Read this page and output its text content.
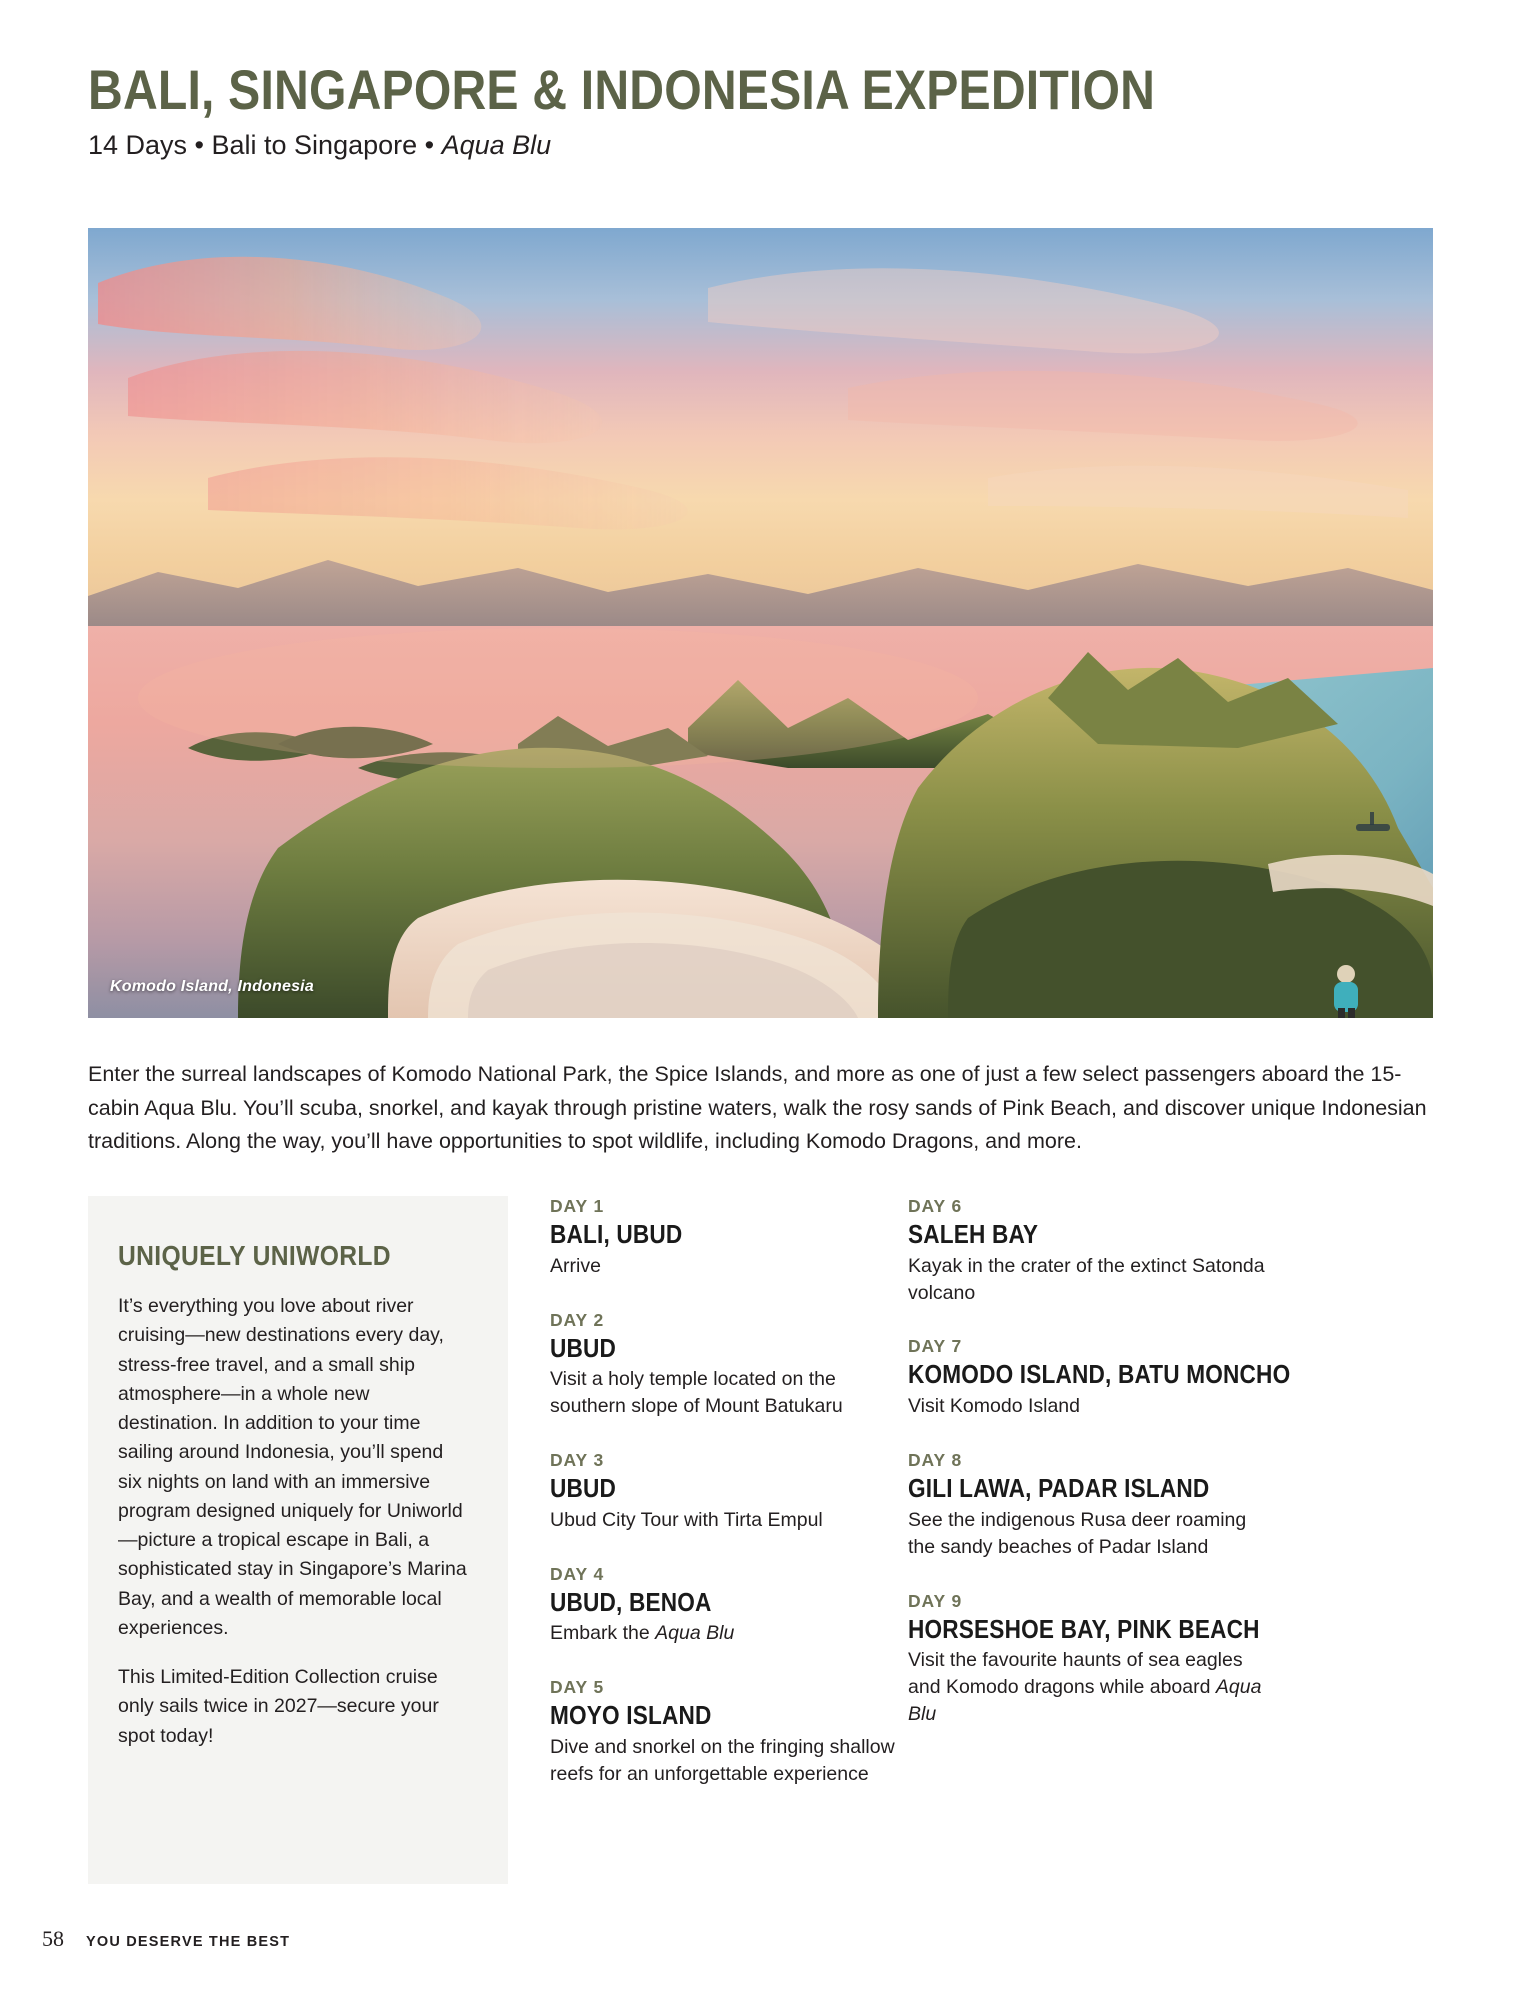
BALI, SINGAPORE & INDONESIA EXPEDITION
14 Days • Bali to Singapore • Aqua Blu
Komodo Island, Indonesia

Enter the surreal landscapes of Komodo National Park, the Spice Islands, and more as one of just a few select passengers aboard the 15-cabin Aqua Blu. You’ll scuba, snorkel, and kayak through pristine waters, walk the rosy sands of Pink Beach, and discover unique Indonesian traditions. Along the way, you’ll have opportunities to spot wildlife, including Komodo Dragons, and more.

UNIQUELY UNIWORLD

It’s everything you love about river cruising—new destinations every day, stress-free travel, and a small ship atmosphere—in a whole new destination. In addition to your time sailing around Indonesia, you’ll spend six nights on land with an immersive program designed uniquely for Uniworld—picture a tropical escape in Bali, a sophisticated stay in Singapore’s Marina Bay, and a wealth of memorable local experiences.

This Limited-Edition Collection cruise only sails twice in 2027—secure your spot today!

DAY 1
BALI, UBUD
Arrive
DAY 2
UBUD
Visit a holy temple located on the southern slope of Mount Batukaru
DAY 3
UBUD
Ubud City Tour with Tirta Empul
DAY 4
UBUD, BENOA
Embark the Aqua Blu
DAY 5
MOYO ISLAND
Dive and snorkel on the fringing shallow reefs for an unforgettable experience
DAY 6
SALEH BAY
Kayak in the crater of the extinct Satonda volcano
DAY 7
KOMODO ISLAND, BATU MONCHO
Visit Komodo Island
DAY 8
GILI LAWA, PADAR ISLAND
See the indigenous Rusa deer roaming the sandy beaches of Padar Island
DAY 9
HORSESHOE BAY, PINK BEACH
Visit the favourite haunts of sea eagles and Komodo dragons while aboard Aqua Blu
58 YOU DESERVE THE BEST
